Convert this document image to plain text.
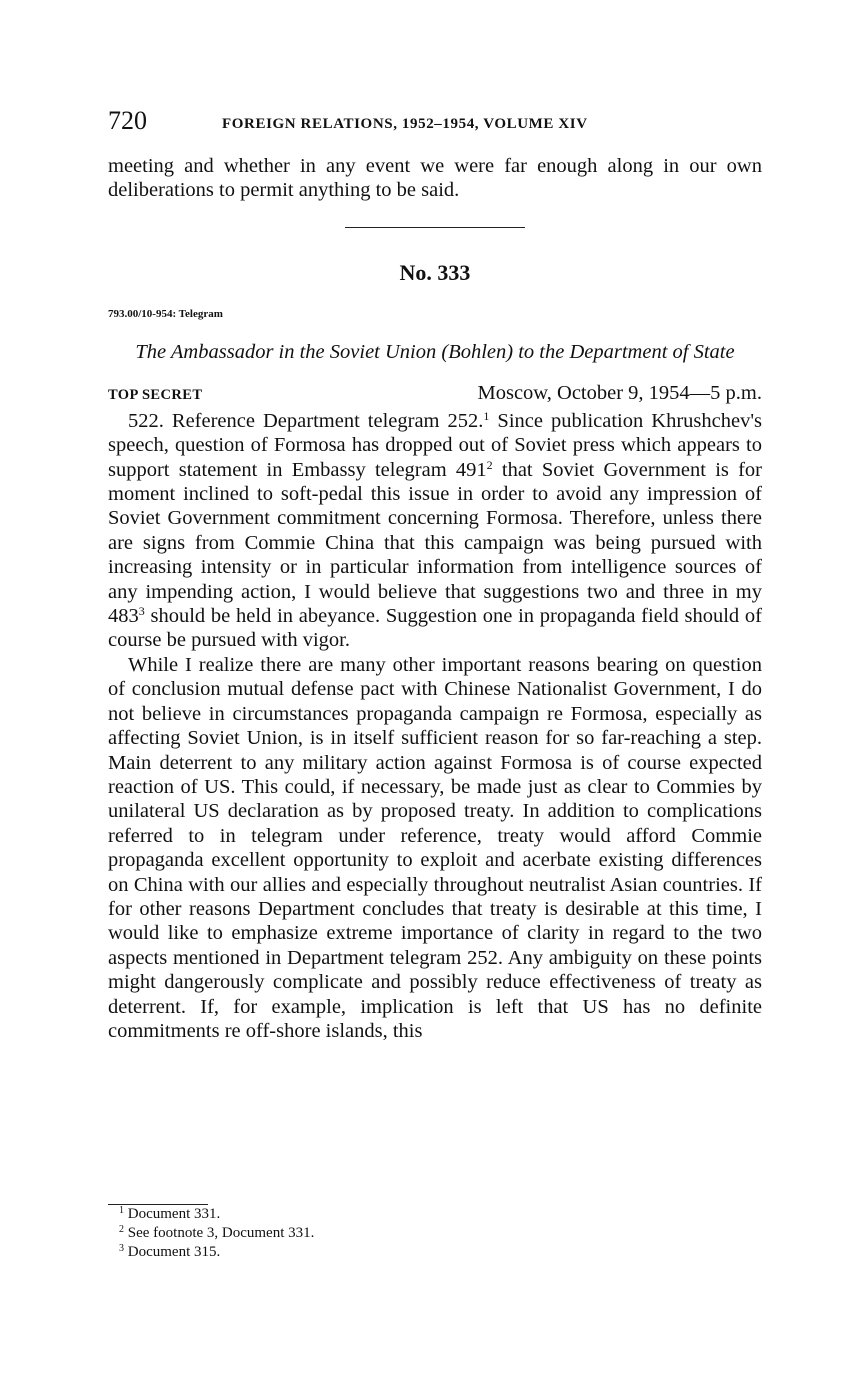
720	FOREIGN RELATIONS, 1952–1954, VOLUME XIV

meeting and whether in any event we were far enough along in our own deliberations to permit anything to be said.

No. 333
793.00/10-954: Telegram
The Ambassador in the Soviet Union (Bohlen) to the Department of State
TOP SECRET	Moscow, October 9, 1954—5 p.m.

522. Reference Department telegram 252.$^1$ Since publication Khrushchev's speech, question of Formosa has dropped out of Soviet press which appears to support statement in Embassy telegram $491^2$ that Soviet Government is for moment inclined to soft-pedal this issue in order to avoid any impression of Soviet Government commitment concerning Formosa. Therefore, unless there are signs from Commie China that this campaign was being pursued with increasing intensity or in particular information from intelligence sources of any impending action, I would believe that suggestions two and three in my $483^3$ should be held in abeyance. Suggestion one in propaganda field should of course be pursued with vigor.

While I realize there are many other important reasons bearing on question of conclusion mutual defense pact with Chinese Nationalist Government, I do not believe in circumstances propaganda campaign re Formosa, especially as affecting Soviet Union, is in itself sufficient reason for so far-reaching a step. Main deterrent to any military action against Formosa is of course expected reaction of US. This could, if necessary, be made just as clear to Commies by unilateral US declaration as by proposed treaty. In addition to complications referred to in telegram under reference, treaty would afford Commie propaganda excellent opportunity to exploit and acerbate existing differences on China with our allies and especially throughout neutralist Asian countries. If for other reasons Department concludes that treaty is desirable at this time, I would like to emphasize extreme importance of clarity in regard to the two aspects mentioned in Department telegram 252. Any ambiguity on these points might dangerously complicate and possibly reduce effectiveness of treaty as deterrent. If, for example, implication is left that US has no definite commitments re off-shore islands, this

$^1$ Document 331.
$^2$ See footnote 3, Document 331.
$^3$ Document 315.
